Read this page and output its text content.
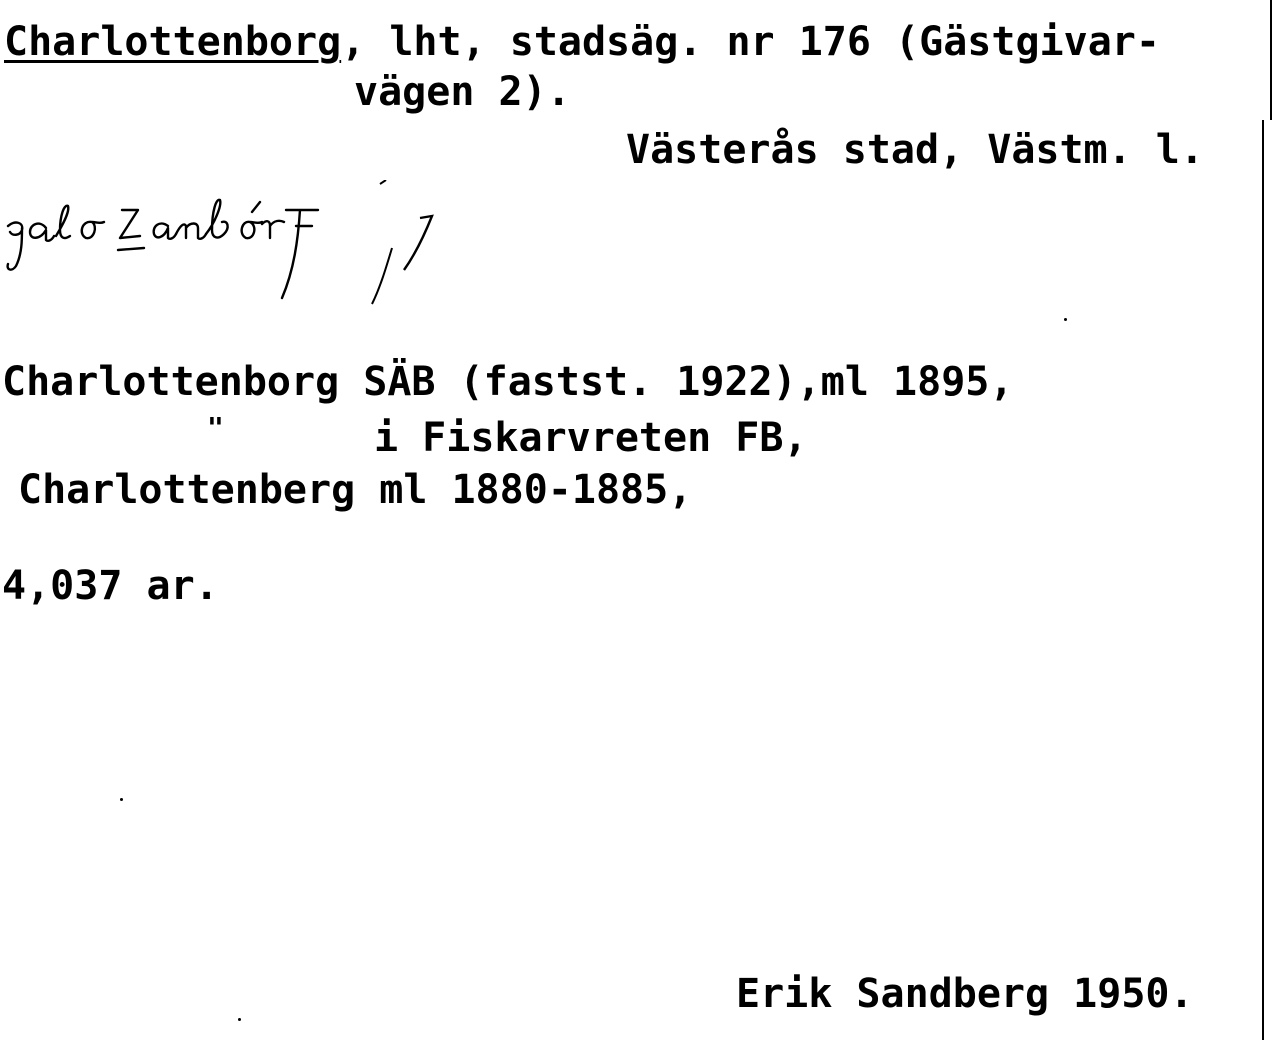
Charlottenborg, lht, stadsäg. nr 176 (Gästgivar-
vägen 2).
Västerås stad, Västm. l.
Charlottenborg SÄB (fastst. 1922),ml 1895,
"	i Fiskarvreten FB,
Charlottenberg ml 1880-1885,
4,037 ar.
Erik Sandberg 1950.
